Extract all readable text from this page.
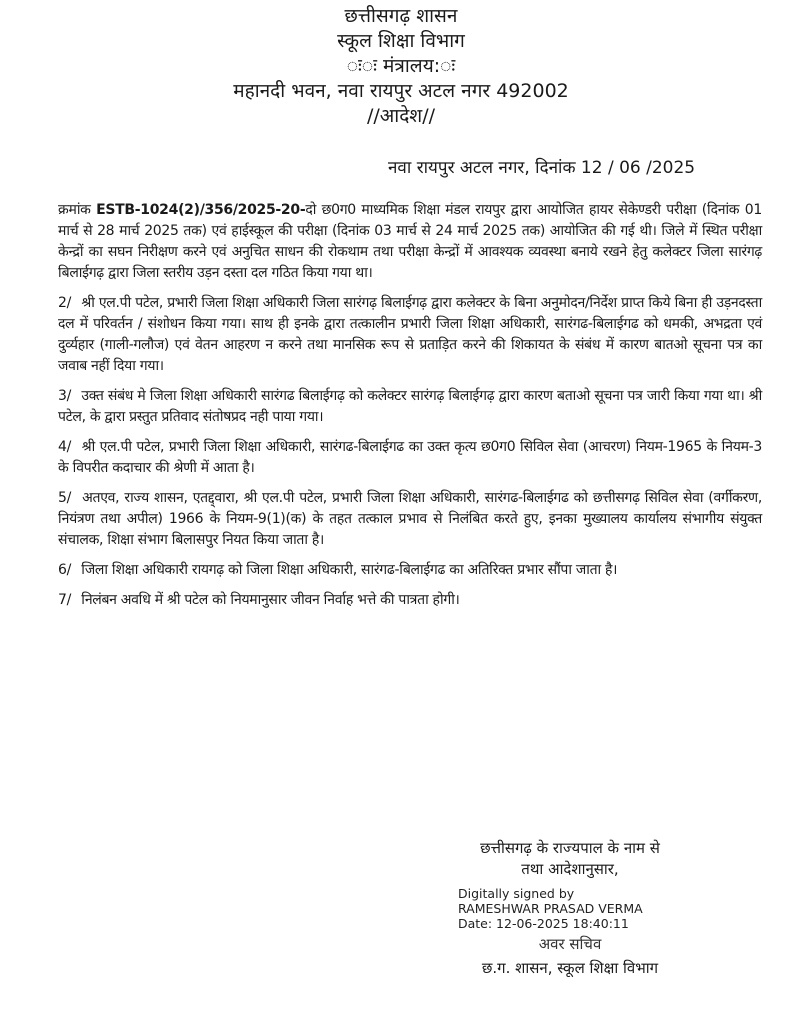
छत्तीसगढ़ शासन
स्कूल शिक्षा विभाग
ः◌ः मंत्रालय:◌ः
महानदी भवन, नवा रायपुर अटल नगर 492002
//आदेश//
नवा रायपुर अटल नगर, दिनांक 12 / 06 /2025
क्रमांक ESTB-1024(2)/356/2025-20-दो छ0ग0 माध्यमिक शिक्षा मंडल रायपुर द्वारा आयोजित हायर सेकेण्डरी परीक्षा (दिनांक 01 मार्च से 28 मार्च 2025 तक) एवं हाईस्कूल की परीक्षा (दिनांक 03 मार्च से 24 मार्च 2025 तक) आयोजित की गई थी। जिले में स्थित परीक्षा केन्द्रों का सघन निरीक्षण करने एवं अनुचित साधन की रोकथाम तथा परीक्षा केन्द्रों में आवश्यक व्यवस्था बनाये रखने हेतु कलेक्टर जिला सारंगढ़ बिलाईगढ़ द्वारा जिला स्तरीय उड़न दस्ता दल गठित किया गया था।
2/ श्री एल.पी पटेल, प्रभारी जिला शिक्षा अधिकारी जिला सारंगढ़ बिलाईगढ़ द्वारा कलेक्टर के बिना अनुमोदन/निर्देश प्राप्त किये बिना ही उड़नदस्ता दल में परिवर्तन / संशोधन किया गया। साथ ही इनके द्वारा तत्कालीन प्रभारी जिला शिक्षा अधिकारी, सारंगढ-बिलाईगढ को धमकी, अभद्रता एवं दुर्व्यहार (गाली-गलौज) एवं वेतन आहरण न करने तथा मानसिक रूप से प्रताड़ित करने की शिकायत के संबंध में कारण बातओ सूचना पत्र का जवाब नहीं दिया गया।
3/ उक्त संबंध मे जिला शिक्षा अधिकारी सारंगढ बिलाईगढ़ को कलेक्टर सारंगढ़ बिलाईगढ़ द्वारा कारण बताओ सूचना पत्र जारी किया गया था। श्री पटेल, के द्वारा प्रस्तुत प्रतिवाद संतोषप्रद नही पाया गया।
4/ श्री एल.पी पटेल, प्रभारी जिला शिक्षा अधिकारी, सारंगढ-बिलाईगढ का उक्त कृत्य छ0ग0 सिविल सेवा (आचरण) नियम-1965 के नियम-3 के विपरीत कदाचार की श्रेणी में आता है।
5/ अतएव, राज्य शासन, एतद्द्वारा, श्री एल.पी पटेल, प्रभारी जिला शिक्षा अधिकारी, सारंगढ-बिलाईगढ को छत्तीसगढ़ सिविल सेवा (वर्गीकरण, नियंत्रण तथा अपील) 1966 के नियम-9(1)(क) के तहत तत्काल प्रभाव से निलंबित करते हुए, इनका मुख्यालय कार्यालय संभागीय संयुक्त संचालक, शिक्षा संभाग बिलासपुर नियत किया जाता है।
6/ जिला शिक्षा अधिकारी रायगढ़ को जिला शिक्षा अधिकारी, सारंगढ-बिलाईगढ का अतिरिक्त प्रभार सौंपा जाता है।
7/ निलंबन अवधि में श्री पटेल को नियमानुसार जीवन निर्वाह भत्ते की पात्रता होगी।
छत्तीसगढ़ के राज्यपाल के नाम से
तथा आदेशानुसार,
Digitally signed by
RAMESHWAR PRASAD VERMA
Date: 12-06-2025 18:40:11
अवर सचिव
छ.ग. शासन, स्कूल शिक्षा विभाग
